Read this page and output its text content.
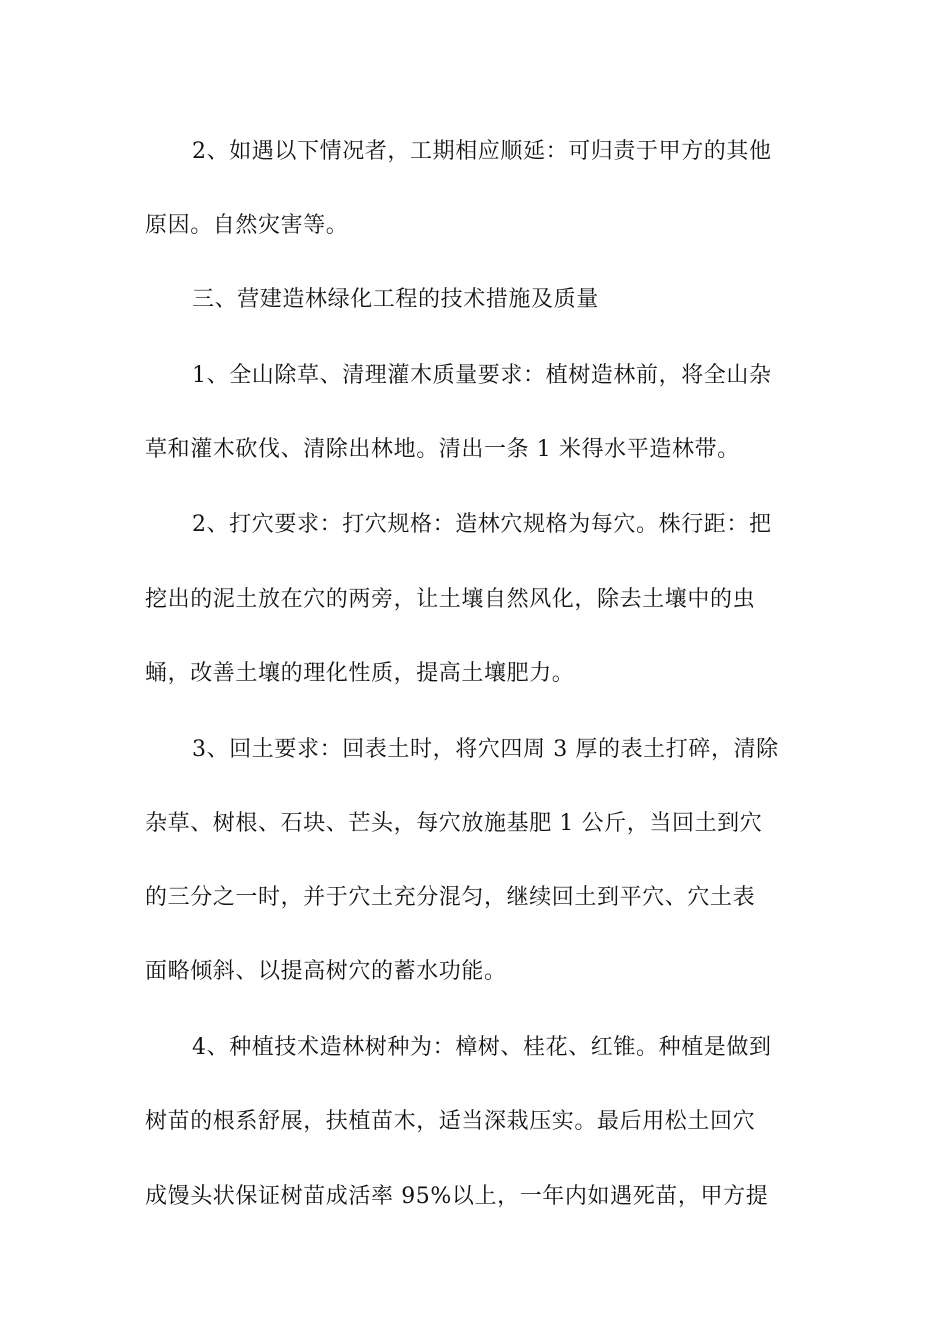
2、如遇以下情况者，工期相应顺延：可归责于甲方的其他
原因。自然灾害等。
三、营建造林绿化工程的技术措施及质量
1、全山除草、清理灌木质量要求：植树造林前，将全山杂
草和灌木砍伐、清除出林地。清出一条 1 米得水平造林带。
2、打穴要求：打穴规格：造林穴规格为每穴。株行距：把
挖出的泥土放在穴的两旁，让土壤自然风化，除去土壤中的虫
蛹，改善土壤的理化性质，提高土壤肥力。
3、回土要求：回表土时，将穴四周 3 厚的表土打碎，清除
杂草、树根、石块、芒头，每穴放施基肥 1 公斤，当回土到穴
的三分之一时，并于穴土充分混匀，继续回土到平穴、穴土表
面略倾斜、以提高树穴的蓄水功能。
4、种植技术造林树种为：樟树、桂花、红锥。种植是做到
树苗的根系舒展，扶植苗木，适当深栽压实。最后用松土回穴
成馒头状保证树苗成活率 95%以上，一年内如遇死苗，甲方提
